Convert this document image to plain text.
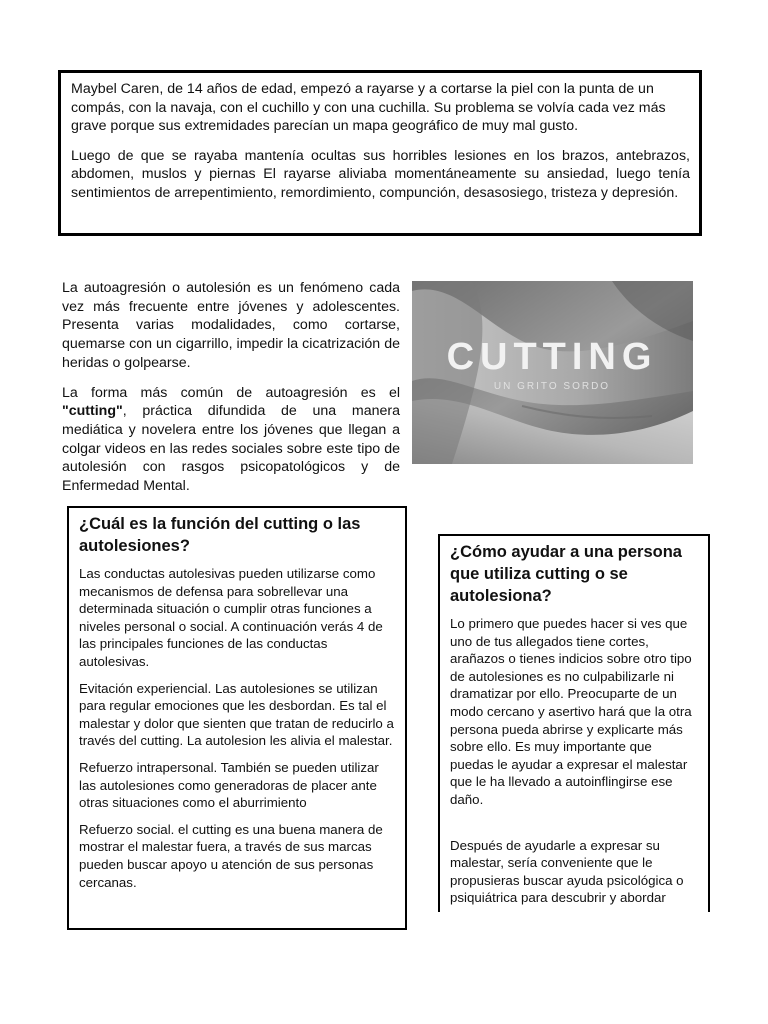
Maybel Caren, de 14 años de edad, empezó a rayarse y a cortarse la piel con la punta de un compás, con la navaja, con el cuchillo y con una cuchilla. Su problema se volvía cada vez más grave porque sus extremidades parecían un mapa geográfico de muy mal gusto.

Luego de que se rayaba mantenía ocultas sus horribles lesiones en los brazos, antebrazos, abdomen, muslos y piernas El rayarse aliviaba momentáneamente su ansiedad, luego tenía sentimientos de arrepentimiento, remordimiento, compunción, desasosiego, tristeza y depresión.

La autoagresión o autolesión es un fenómeno cada vez más frecuente entre jóvenes y adolescentes. Presenta varias modalidades, como cortarse, quemarse con un cigarrillo, impedir la cicatrización de heridas o golpearse.

La forma más común de autoagresión es el "cutting", práctica difundida de una manera mediática y novelera entre los jóvenes que llegan a colgar videos en las redes sociales sobre este tipo de autolesión con rasgos psicopatológicos y de Enfermedad Mental.

CUTTING
UN GRITO SORDO
¿Cuál es la función del cutting o las autolesiones?

Las conductas autolesivas pueden utilizarse como mecanismos de defensa para sobrellevar una determinada situación o cumplir otras funciones a niveles personal o social. A continuación verás 4 de las principales funciones de las conductas autolesivas.

Evitación experiencial. Las autolesiones se utilizan para regular emociones que les desbordan. Es tal el malestar y dolor que sienten que tratan de reducirlo a través del cutting. La autolesion les alivia el malestar.

Refuerzo intrapersonal. También se pueden utilizar las autolesiones como generadoras de placer ante otras situaciones como el aburrimiento

Refuerzo social. el cutting es una buena manera de mostrar el malestar fuera, a través de sus marcas pueden buscar apoyo u atención de sus personas cercanas.

¿Cómo ayudar a una persona que utiliza cutting o se autolesiona?

Lo primero que puedes hacer si ves que uno de tus allegados tiene cortes, arañazos o tienes indicios sobre otro tipo de autolesiones es no culpabilizarle ni dramatizar por ello. Preocuparte de un modo cercano y asertivo hará que la otra persona pueda abrirse y explicarte más sobre ello. Es muy importante que puedas le ayudar a expresar el malestar que le ha llevado a autoinflingirse ese daño.

Después de ayudarle a expresar su malestar, sería conveniente que le propusieras buscar ayuda psicológica o psiquiátrica para descubrir y abordar
